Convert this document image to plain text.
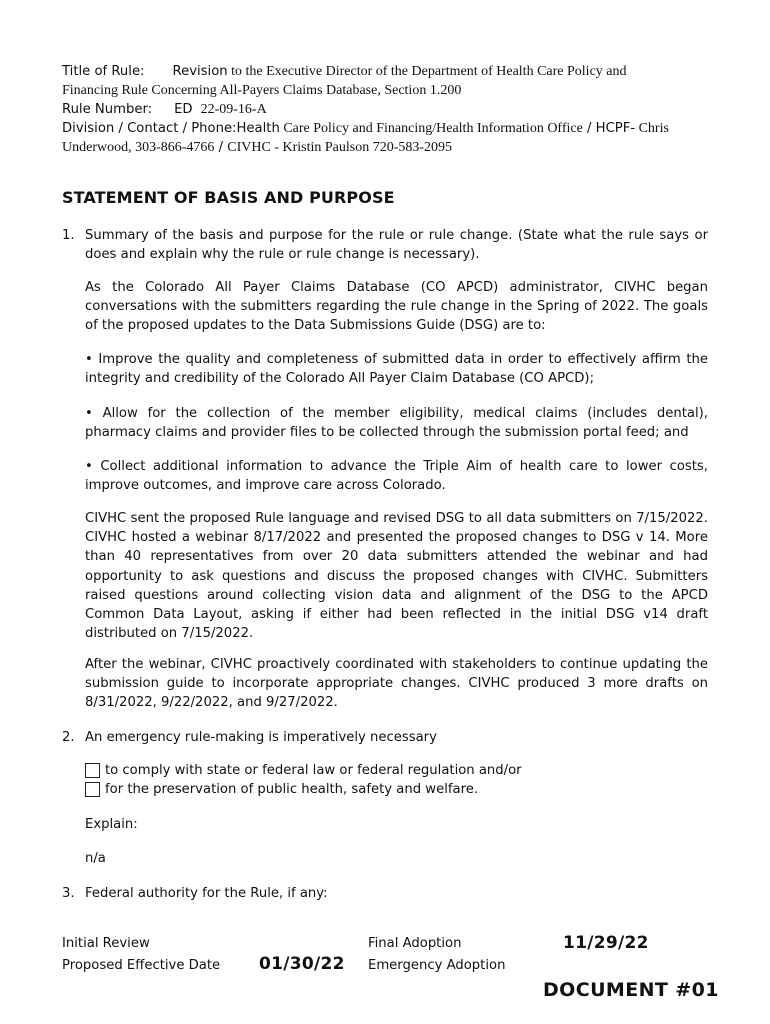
Title of Rule: Revision to the Executive Director of the Department of Health Care Policy and
Financing Rule Concerning All-Payers Claims Database, Section 1.200
Rule Number: ED 22-09-16-A
Division / Contact / Phone:Health Care Policy and Financing/Health Information Office / HCPF- Chris
Underwood, 303-866-4766 / CIVHC - Kristin Paulson 720-583-2095
STATEMENT OF BASIS AND PURPOSE
1. Summary of the basis and purpose for the rule or rule change. (State what the rule says or does and explain why the rule or rule change is necessary).
As the Colorado All Payer Claims Database (CO APCD) administrator, CIVHC began conversations with the submitters regarding the rule change in the Spring of 2022. The goals of the proposed updates to the Data Submissions Guide (DSG) are to:
• Improve the quality and completeness of submitted data in order to effectively affirm the integrity and credibility of the Colorado All Payer Claim Database (CO APCD);
• Allow for the collection of the member eligibility, medical claims (includes dental), pharmacy claims and provider files to be collected through the submission portal feed; and
• Collect additional information to advance the Triple Aim of health care to lower costs, improve outcomes, and improve care across Colorado.
CIVHC sent the proposed Rule language and revised DSG to all data submitters on 7/15/2022. CIVHC hosted a webinar 8/17/2022 and presented the proposed changes to DSG v 14. More than 40 representatives from over 20 data submitters attended the webinar and had opportunity to ask questions and discuss the proposed changes with CIVHC. Submitters raised questions around collecting vision data and alignment of the DSG to the APCD Common Data Layout, asking if either had been reflected in the initial DSG v14 draft distributed on 7/15/2022.
After the webinar, CIVHC proactively coordinated with stakeholders to continue updating the submission guide to incorporate appropriate changes. CIVHC produced 3 more drafts on 8/31/2022, 9/22/2022, and 9/27/2022.
2. An emergency rule-making is imperatively necessary
to comply with state or federal law or federal regulation and/or
for the preservation of public health, safety and welfare.
Explain:
n/a
3. Federal authority for the Rule, if any:
Initial Review
Proposed Effective Date 01/30/22
Final Adoption	11/29/22
Emergency Adoption
DOCUMENT #01
